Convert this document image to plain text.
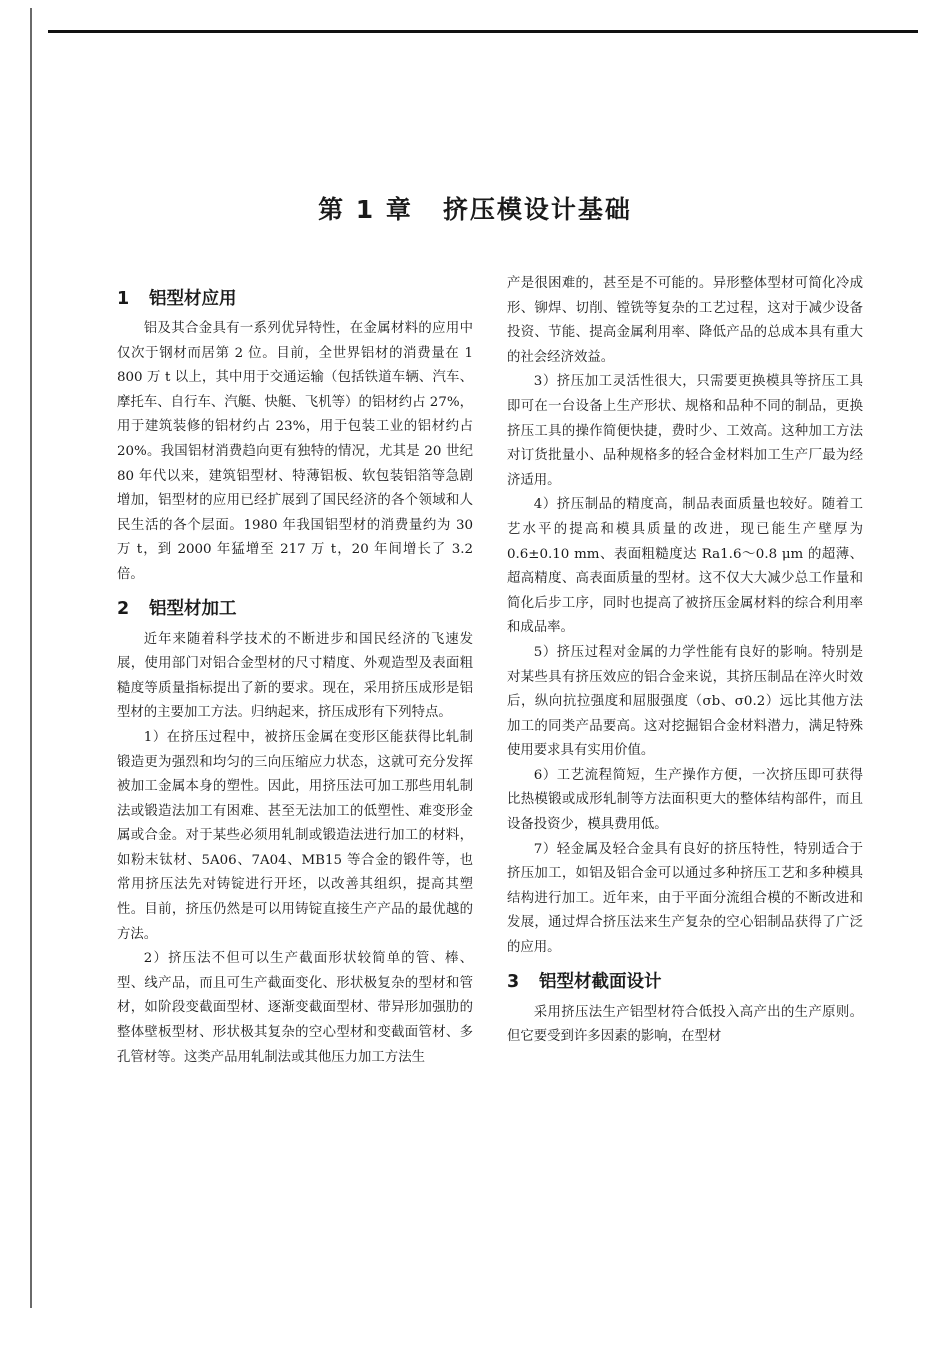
第 1 章 挤压模设计基础
1 铝型材应用

铝及其合金具有一系列优异特性，在金属材料的应用中仅次于钢材而居第 2 位。目前，全世界铝材的消费量在 1 800 万 t 以上，其中用于交通运输（包括铁道车辆、汽车、摩托车、自行车、汽艇、快艇、飞机等）的铝材约占 27%，用于建筑装修的铝材约占 23%，用于包装工业的铝材约占 20%。我国铝材消费趋向更有独特的情况，尤其是 20 世纪 80 年代以来，建筑铝型材、特薄铝板、软包装铝箔等急剧增加，铝型材的应用已经扩展到了国民经济的各个领域和人民生活的各个层面。1980 年我国铝型材的消费量约为 30 万 t，到 2000 年猛增至 217 万 t，20 年间增长了 3.2 倍。

2 铝型材加工

近年来随着科学技术的不断进步和国民经济的飞速发展，使用部门对铝合金型材的尺寸精度、外观造型及表面粗糙度等质量指标提出了新的要求。现在，采用挤压成形是铝型材的主要加工方法。归纳起来，挤压成形有下列特点。

1）在挤压过程中，被挤压金属在变形区能获得比轧制锻造更为强烈和均匀的三向压缩应力状态，这就可充分发挥被加工金属本身的塑性。因此，用挤压法可加工那些用轧制法或锻造法加工有困难、甚至无法加工的低塑性、难变形金属或合金。对于某些必须用轧制或锻造法进行加工的材料，如粉末钛材、5A06、7A04、MB15 等合金的锻件等，也常用挤压法先对铸锭进行开坯，以改善其组织，提高其塑性。目前，挤压仍然是可以用铸锭直接生产产品的最优越的方法。

2）挤压法不但可以生产截面形状较简单的管、棒、型、线产品，而且可生产截面变化、形状极复杂的型材和管材，如阶段变截面型材、逐渐变截面型材、带异形加强肋的整体壁板型材、形状极其复杂的空心型材和变截面管材、多孔管材等。这类产品用轧制法或其他压力加工方法生

产是很困难的，甚至是不可能的。异形整体型材可简化冷成形、铆焊、切削、镗铣等复杂的工艺过程，这对于减少设备投资、节能、提高金属利用率、降低产品的总成本具有重大的社会经济效益。

3）挤压加工灵活性很大，只需要更换模具等挤压工具即可在一台设备上生产形状、规格和品种不同的制品，更换挤压工具的操作简便快捷，费时少、工效高。这种加工方法对订货批量小、品种规格多的轻合金材料加工生产厂最为经济适用。

4）挤压制品的精度高，制品表面质量也较好。随着工艺水平的提高和模具质量的改进，现已能生产壁厚为 0.6±0.10 mm、表面粗糙度达 Ra1.6～0.8 μm 的超薄、超高精度、高表面质量的型材。这不仅大大减少总工作量和简化后步工序，同时也提高了被挤压金属材料的综合利用率和成品率。

5）挤压过程对金属的力学性能有良好的影响。特别是对某些具有挤压效应的铝合金来说，其挤压制品在淬火时效后，纵向抗拉强度和屈服强度（σb、σ0.2）远比其他方法加工的同类产品要高。这对挖掘铝合金材料潜力，满足特殊使用要求具有实用价值。

6）工艺流程简短，生产操作方便，一次挤压即可获得比热模锻或成形轧制等方法面积更大的整体结构部件，而且设备投资少，模具费用低。

7）轻金属及轻合金具有良好的挤压特性，特别适合于挤压加工，如铝及铝合金可以通过多种挤压工艺和多种模具结构进行加工。近年来，由于平面分流组合模的不断改进和发展，通过焊合挤压法来生产复杂的空心铝制品获得了广泛的应用。

3 铝型材截面设计

采用挤压法生产铝型材符合低投入高产出的生产原则。但它要受到许多因素的影响，在型材
